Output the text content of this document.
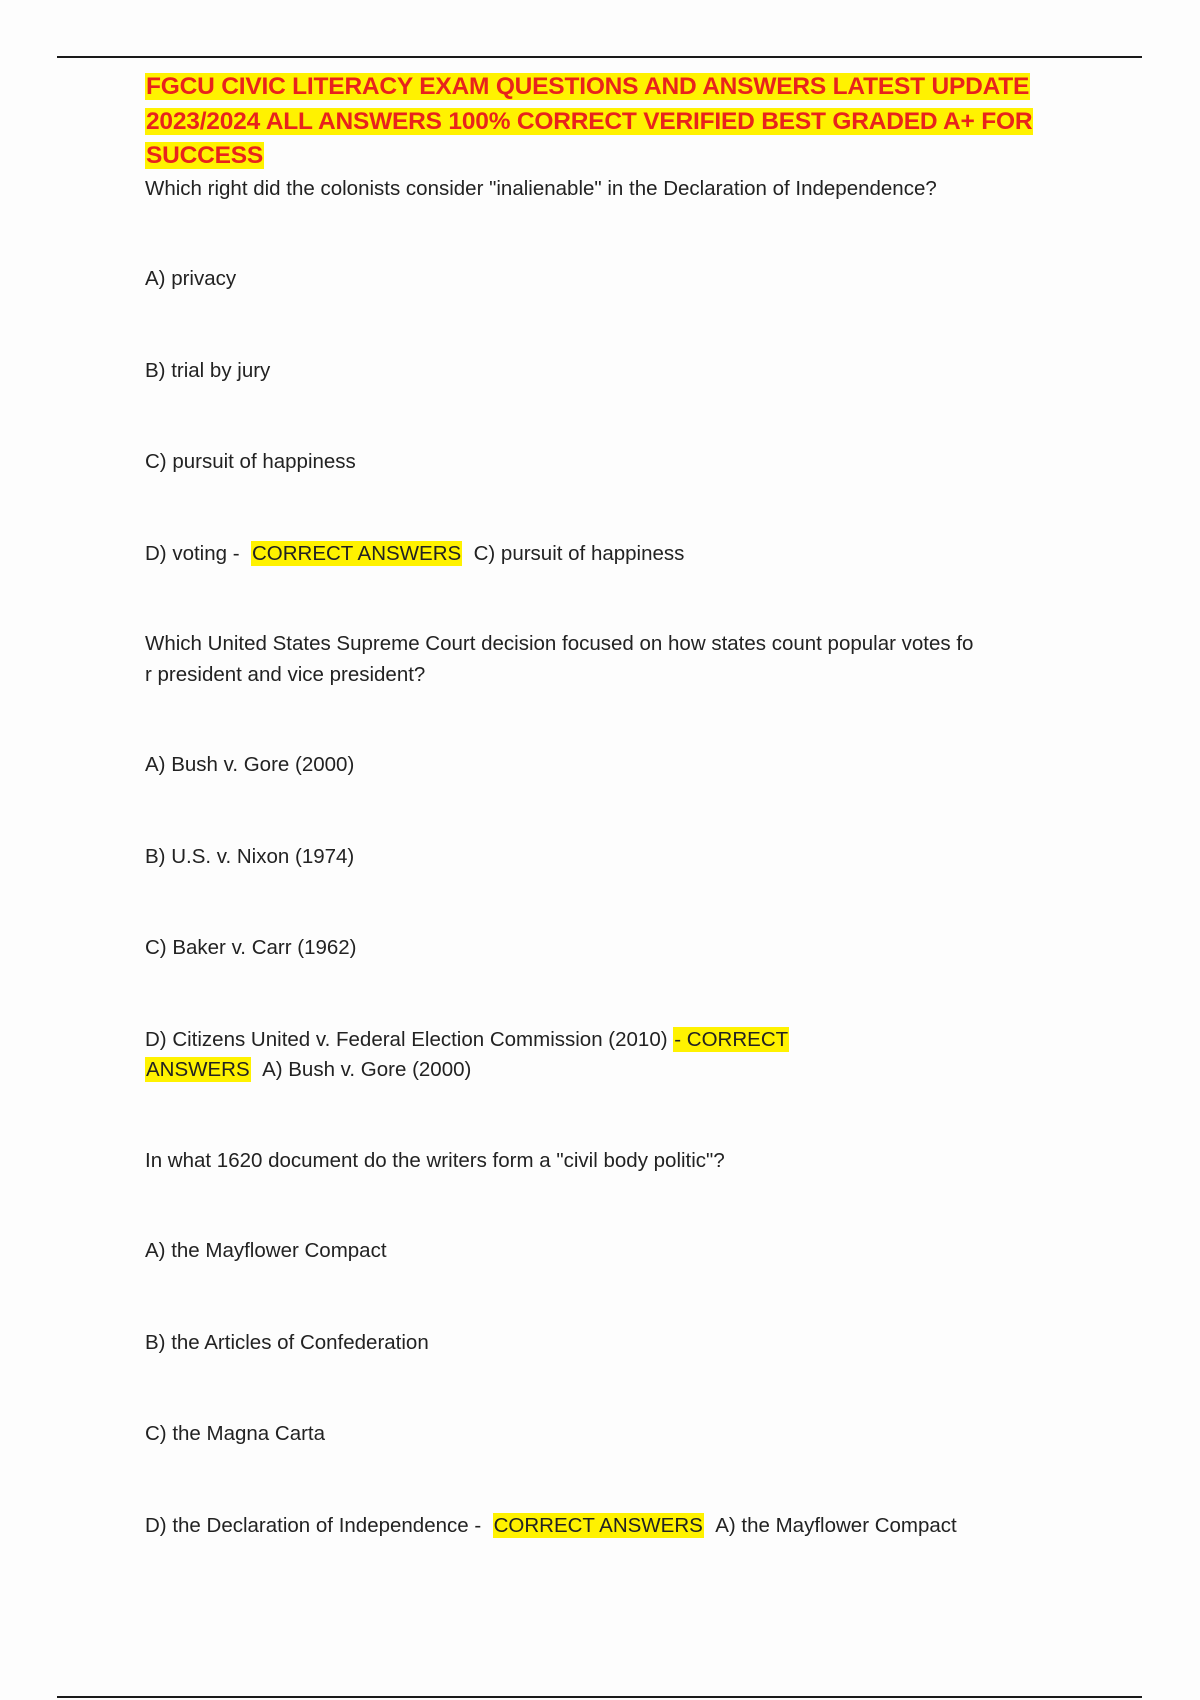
FGCU CIVIC LITERACY EXAM QUESTIONS AND ANSWERS LATEST UPDATE
2023/2024 ALL ANSWERS 100% CORRECT VERIFIED BEST GRADED A+ FOR
SUCCESS
Which right did the colonists consider "inalienable" in the Declaration of Independence?
A) privacy
B) trial by jury
C) pursuit of happiness
D) voting - CORRECT ANSWERS C) pursuit of happiness
Which United States Supreme Court decision focused on how states count popular votes fo
r president and vice president?
A) Bush v. Gore (2000)
B) U.S. v. Nixon (1974)
C) Baker v. Carr (1962)
D) Citizens United v. Federal Election Commission (2010) - CORRECT
ANSWERS A) Bush v. Gore (2000)
In what 1620 document do the writers form a "civil body politic"?
A) the Mayflower Compact
B) the Articles of Confederation
C) the Magna Carta
D) the Declaration of Independence - CORRECT ANSWERS A) the Mayflower Compact
